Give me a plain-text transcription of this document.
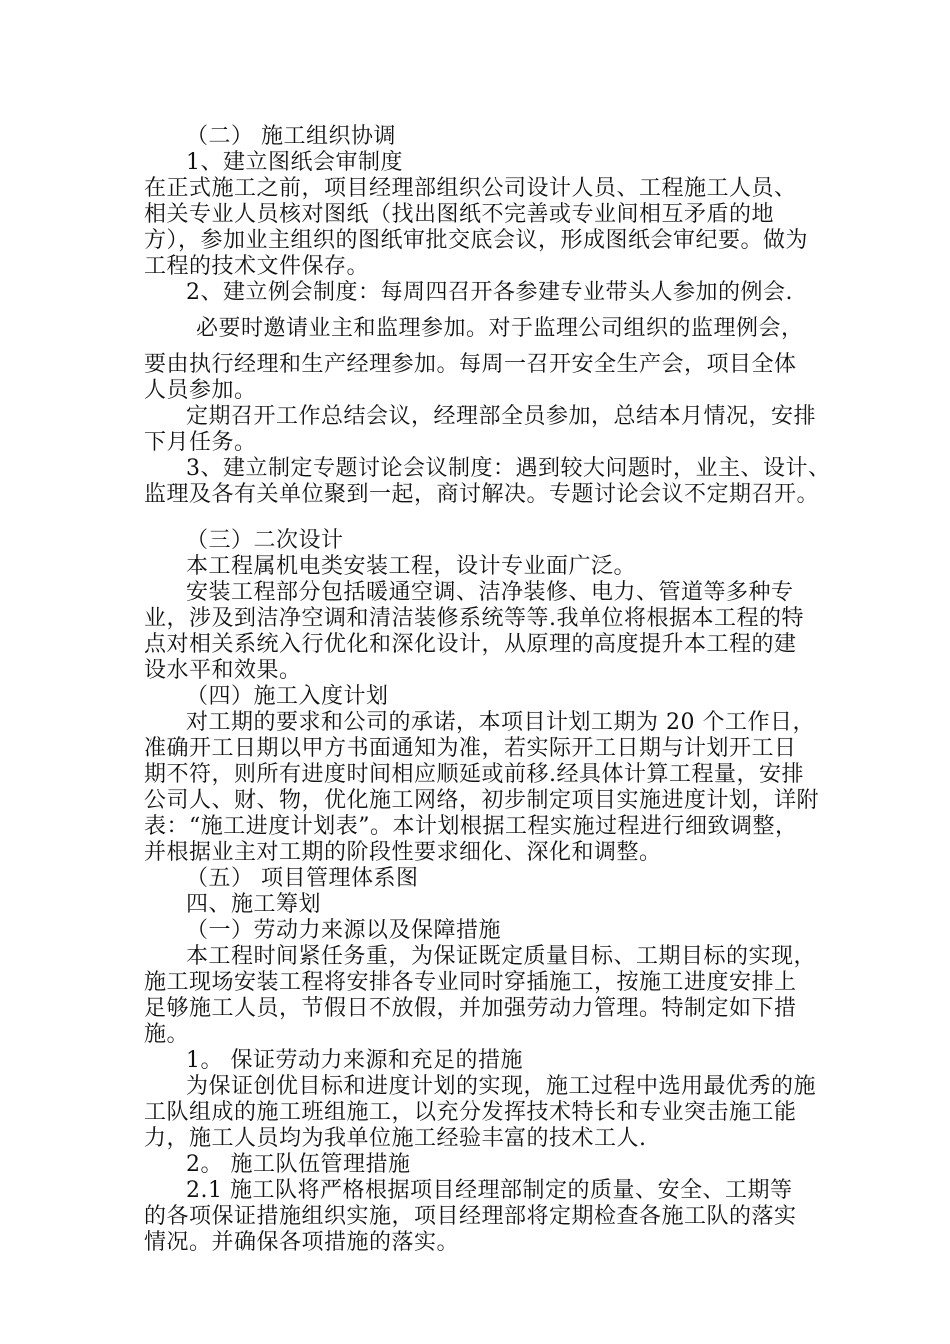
（二） 施工组织协调
1、建立图纸会审制度
在正式施工之前，项目经理部组织公司设计人员、工程施工人员、
相关专业人员核对图纸（找出图纸不完善或专业间相互矛盾的地
方），参加业主组织的图纸审批交底会议，形成图纸会审纪要。做为
工程的技术文件保存。
2、建立例会制度：每周四召开各参建专业带头人参加的例会.
必要时邀请业主和监理参加。对于监理公司组织的监理例会，
要由执行经理和生产经理参加。每周一召开安全生产会，项目全体
人员参加。
定期召开工作总结会议，经理部全员参加，总结本月情况，安排
下月任务。
3、建立制定专题讨论会议制度：遇到较大问题时，业主、设计、
监理及各有关单位聚到一起，商讨解决。专题讨论会议不定期召开。
（三）二次设计
本工程属机电类安装工程，设计专业面广泛。
安装工程部分包括暖通空调、洁净装修、电力、管道等多种专
业，涉及到洁净空调和清洁装修系统等等.我单位将根据本工程的特
点对相关系统入行优化和深化设计，从原理的高度提升本工程的建
设水平和效果。
（四）施工入度计划
对工期的要求和公司的承诺，本项目计划工期为 20 个工作日，
准确开工日期以甲方书面通知为准，若实际开工日期与计划开工日
期不符，则所有进度时间相应顺延或前移.经具体计算工程量，安排
公司人、财、物，优化施工网络，初步制定项目实施进度计划，详附
表：“施工进度计划表”。本计划根据工程实施过程进行细致调整，
并根据业主对工期的阶段性要求细化、深化和调整。
（五） 项目管理体系图
四、施工筹划
（一）劳动力来源以及保障措施
本工程时间紧任务重，为保证既定质量目标、工期目标的实现，
施工现场安装工程将安排各专业同时穿插施工，按施工进度安排上
足够施工人员，节假日不放假，并加强劳动力管理。特制定如下措
施。
1。 保证劳动力来源和充足的措施
为保证创优目标和进度计划的实现，施工过程中选用最优秀的施
工队组成的施工班组施工，以充分发挥技术特长和专业突击施工能
力，施工人员均为我单位施工经验丰富的技术工人.
2。 施工队伍管理措施
2.1 施工队将严格根据项目经理部制定的质量、安全、工期等
的各项保证措施组织实施，项目经理部将定期检查各施工队的落实
情况。并确保各项措施的落实。
